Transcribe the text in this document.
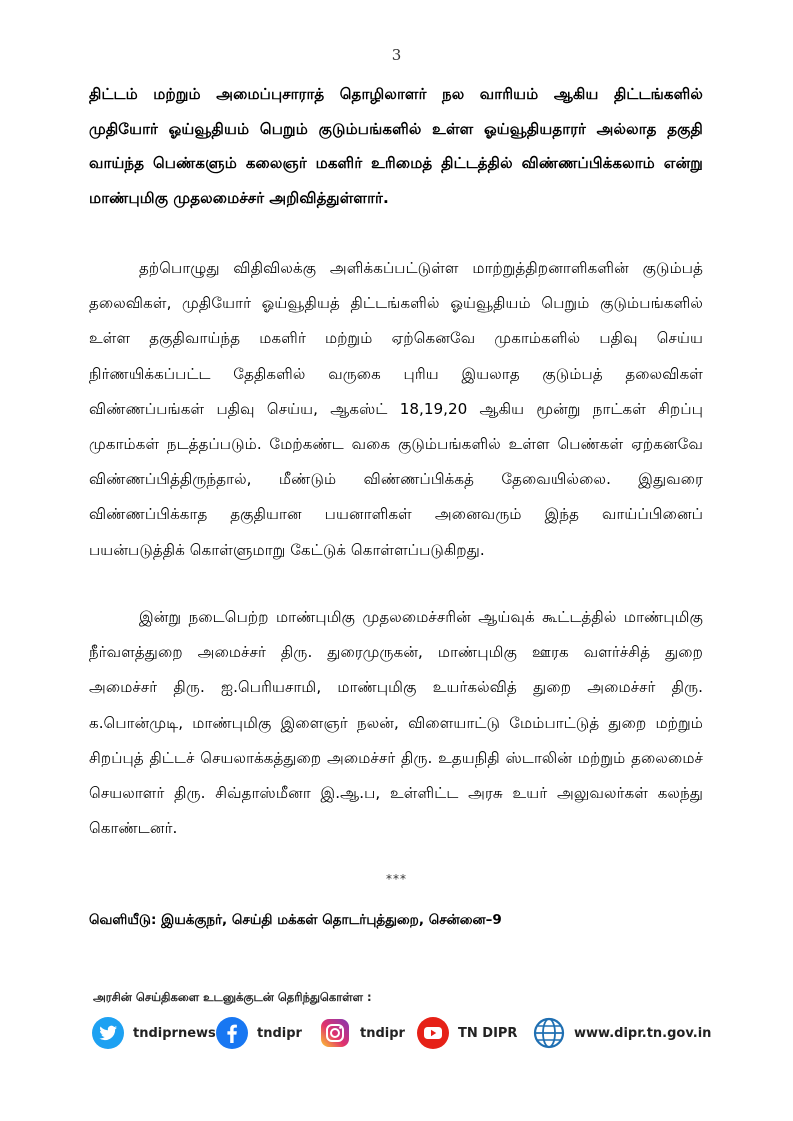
3

திட்டம் மற்றும் அமைப்புசாராத் தொழிலாளர் நல வாரியம் ஆகிய திட்டங்களில் முதியோர் ஓய்வூதியம் பெறும் குடும்பங்களில் உள்ள ஓய்வூதியதாரர் அல்லாத தகுதி வாய்ந்த பெண்களும் கலைஞர் மகளிர் உரிமைத் திட்டத்தில் விண்ணப்பிக்கலாம் என்று மாண்புமிகு முதலமைச்சர் அறிவித்துள்ளார்.

தற்பொழுது விதிவிலக்கு அளிக்கப்பட்டுள்ள மாற்றுத்திறனாளிகளின் குடும்பத் தலைவிகள், முதியோர் ஓய்வூதியத் திட்டங்களில் ஓய்வூதியம் பெறும் குடும்பங்களில் உள்ள தகுதிவாய்ந்த மகளிர் மற்றும் ஏற்கெனவே முகாம்களில் பதிவு செய்ய நிர்ணயிக்கப்பட்ட தேதிகளில் வருகை புரிய இயலாத குடும்பத் தலைவிகள் விண்ணப்பங்கள் பதிவு செய்ய, ஆகஸ்ட் 18,19,20 ஆகிய மூன்று நாட்கள் சிறப்பு முகாம்கள் நடத்தப்படும். மேற்கண்ட வகை குடும்பங்களில் உள்ள பெண்கள் ஏற்கனவே விண்ணப்பித்திருந்தால், மீண்டும் விண்ணப்பிக்கத் தேவையில்லை. இதுவரை விண்ணப்பிக்காத தகுதியான பயனாளிகள் அனைவரும் இந்த வாய்ப்பினைப் பயன்படுத்திக் கொள்ளுமாறு கேட்டுக் கொள்ளப்படுகிறது.

இன்று நடைபெற்ற மாண்புமிகு முதலமைச்சரின் ஆய்வுக் கூட்டத்தில் மாண்புமிகு நீர்வளத்துறை அமைச்சர் திரு. துரைமுருகன், மாண்புமிகு ஊரக வளர்ச்சித் துறை அமைச்சர் திரு. ஐ.பெரியசாமி, மாண்புமிகு உயர்கல்வித் துறை அமைச்சர் திரு. க.பொன்முடி, மாண்புமிகு இளைஞர் நலன், விளையாட்டு மேம்பாட்டுத் துறை மற்றும் சிறப்புத் திட்டச் செயலாக்கத்துறை அமைச்சர் திரு. உதயநிதி ஸ்டாலின் மற்றும் தலைமைச் செயலாளர் திரு. சிவ்தாஸ்மீனா இ.ஆ.ப, உள்ளிட்ட அரசு உயர் அலுவலர்கள் கலந்து கொண்டனர்.

***
வெளியீடு: இயக்குநர், செய்தி மக்கள் தொடர்புத்துறை, சென்னை–9
அரசின் செய்திகளை உடனுக்குடன் தெரிந்துகொள்ள :
tndiprnews	tndipr	tndipr	TN DIPR	www.dipr.tn.gov.in
